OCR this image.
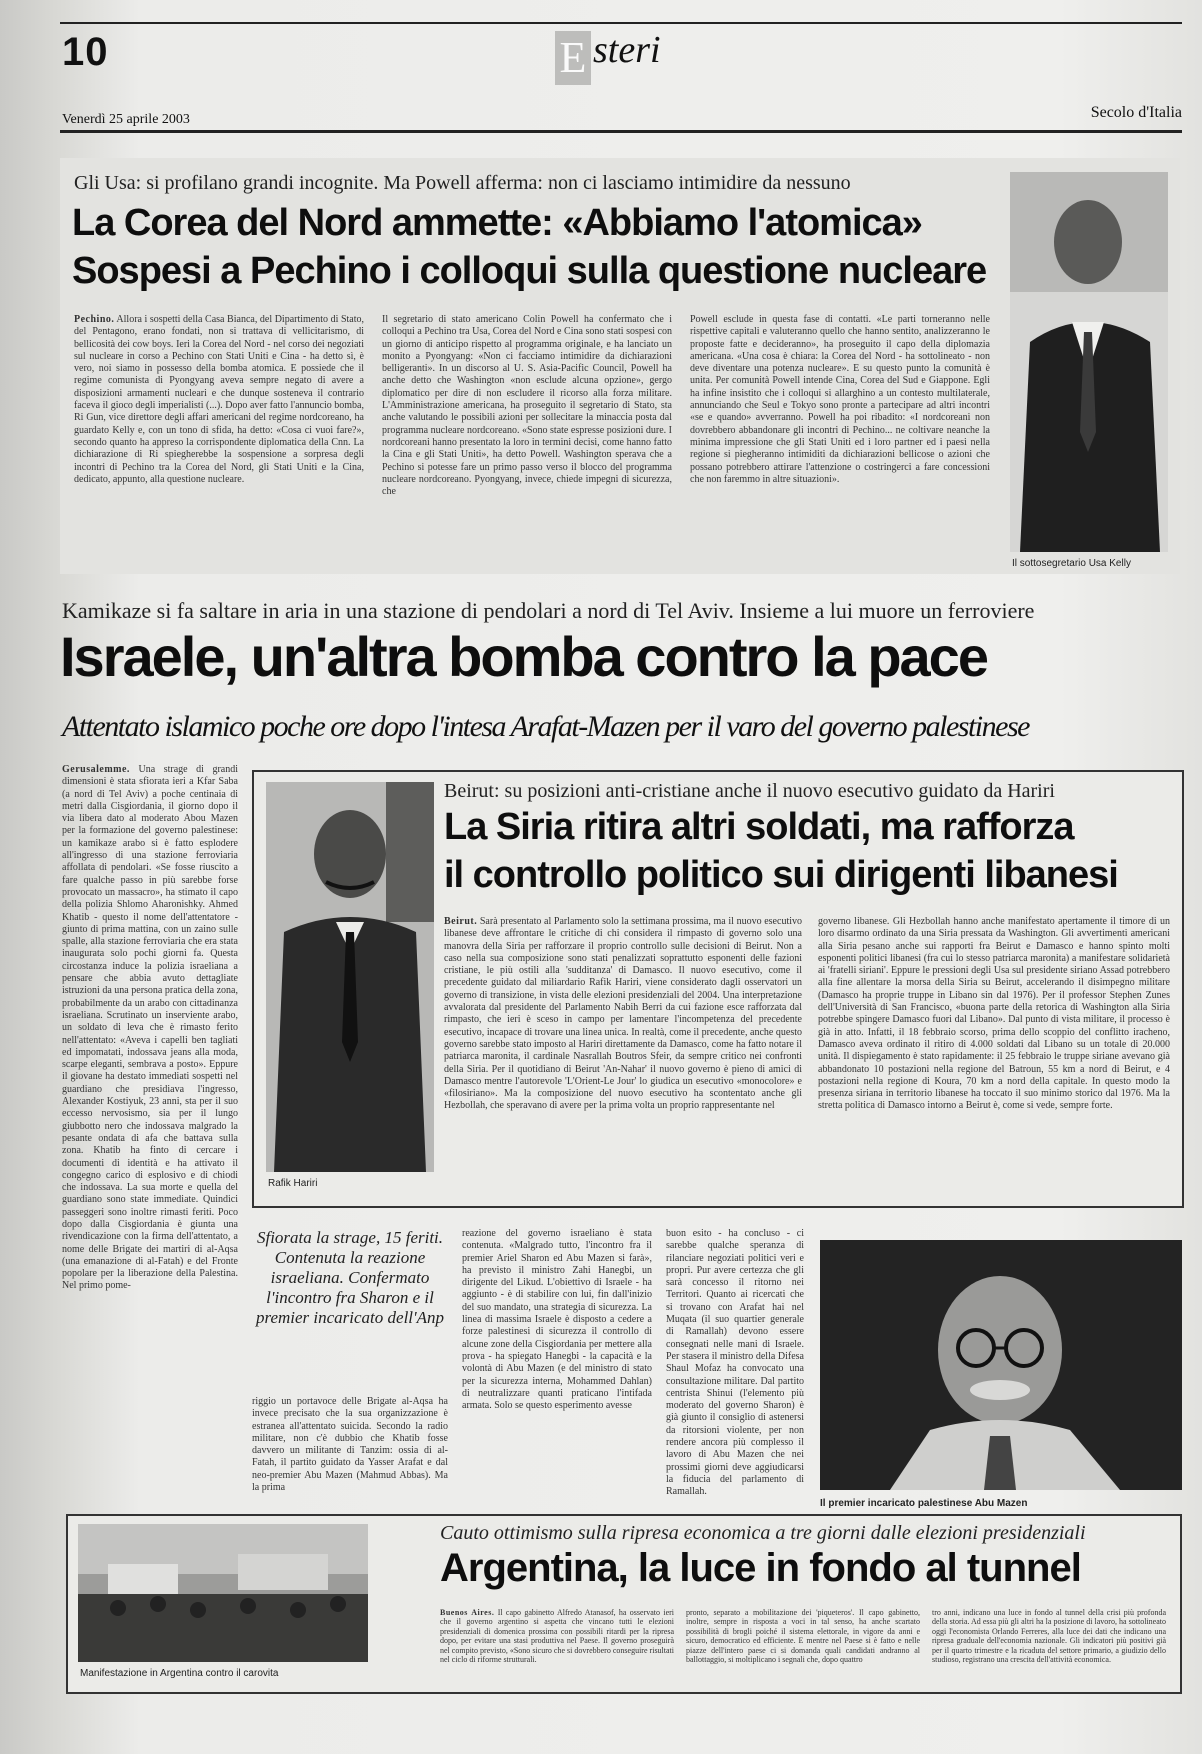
10	E steri
Venerdì 25 aprile 2003	Secolo d'Italia
Gli Usa: si profilano grandi incognite. Ma Powell afferma: non ci lasciamo intimidire da nessuno
La Corea del Nord ammette: «Abbiamo l'atomica»
Sospesi a Pechino i colloqui sulla questione nucleare
Pechino. Allora i sospetti della Casa Bianca, del Dipartimento di Stato, del Pentagono, erano fondati, non si trattava di vellicitarismo, di bellicosità dei cow boys. Ieri la Corea del Nord - nel corso dei negoziati sul nucleare in corso a Pechino con Stati Uniti e Cina - ha detto sì, è vero, noi siamo in possesso della bomba atomica. E possiede che il regime comunista di Pyongyang aveva sempre negato di avere a disposizioni armamenti nucleari e che dunque sosteneva il contrario faceva il gioco degli imperialisti (...). Dopo aver fatto l'annuncio bomba, Ri Gun, vice direttore degli affari americani del regime nordcoreano, ha guardato Kelly e, con un tono di sfida, ha detto: «Cosa ci vuoi fare?», secondo quanto ha appreso la corrispondente diplomatica della Cnn. La dichiarazione di Ri spiegherebbe la sospensione a sorpresa degli incontri di Pechino tra la Corea del Nord, gli Stati Uniti e la Cina, dedicato, appunto, alla questione nucleare.
Il segretario di stato americano Colin Powell ha confermato che i colloqui a Pechino tra Usa, Corea del Nord e Cina sono stati sospesi con un giorno di anticipo rispetto al programma originale, e ha lanciato un monito a Pyongyang: «Non ci facciamo intimidire da dichiarazioni belligeranti». In un discorso al U. S. Asia-Pacific Council, Powell ha anche detto che Washington «non esclude alcuna opzione», gergo diplomatico per dire di non escludere il ricorso alla forza militare. L'Amministrazione americana, ha proseguito il segretario di Stato, sta anche valutando le possibili azioni per sollecitare la minaccia posta dal programma nucleare nordcoreano. «Sono state espresse posizioni dure. I nordcoreani hanno presentato la loro in termini decisi, come hanno fatto la Cina e gli Stati Uniti», ha detto Powell. Washington sperava che a Pechino si potesse fare un primo passo verso il blocco del programma nucleare nordcoreano. Pyongyang, invece, chiede impegni di sicurezza, che
Powell esclude in questa fase di contatti. «Le parti torneranno nelle rispettive capitali e valuteranno quello che hanno sentito, analizzeranno le proposte fatte e decideranno», ha proseguito il capo della diplomazia americana. «Una cosa è chiara: la Corea del Nord - ha sottolineato - non deve diventare una potenza nucleare». E su questo punto la comunità è unita. Per comunità Powell intende Cina, Corea del Sud e Giappone. Egli ha infine insistito che i colloqui si allarghino a un contesto multilaterale, annunciando che Seul e Tokyo sono pronte a partecipare ad altri incontri «se e quando» avverranno. Powell ha poi ribadito: «I nordcoreani non dovrebbero abbandonare gli incontri di Pechino... ne coltivare neanche la minima impressione che gli Stati Uniti ed i loro partner ed i paesi nella regione si piegheranno intimiditi da dichiarazioni bellicose o azioni che possano potrebbero attirare l'attenzione o costringerci a fare concessioni che non faremmo in altre situazioni».
Il sottosegretario Usa Kelly
Kamikaze si fa saltare in aria in una stazione di pendolari a nord di Tel Aviv. Insieme a lui muore un ferroviere
Israele, un'altra bomba contro la pace
Attentato islamico poche ore dopo l'intesa Arafat-Mazen per il varo del governo palestinese
Gerusalemme. Una strage di grandi dimensioni è stata sfiorata ieri a Kfar Saba (a nord di Tel Aviv) a poche centinaia di metri dalla Cisgiordania, il giorno dopo il via libera dato al moderato Abou Mazen per la formazione del governo palestinese: un kamikaze arabo si è fatto esplodere all'ingresso di una stazione ferroviaria affollata di pendolari. «Se fosse riuscito a fare qualche passo in più sarebbe forse provocato un massacro», ha stimato il capo della polizia Shlomo Aharonishky. Ahmed Khatib - questo il nome dell'attentatore - giunto di prima mattina, con un zaino sulle spalle, alla stazione ferroviaria che era stata inaugurata solo pochi giorni fa. Questa circostanza induce la polizia israeliana a pensare che abbia avuto dettagliate istruzioni da una persona pratica della zona, probabilmente da un arabo con cittadinanza israeliana. Scrutinato un inserviente arabo, un soldato di leva che è rimasto ferito nell'attentato: «Aveva i capelli ben tagliati ed impomatati, indossava jeans alla moda, scarpe eleganti, sembrava a posto». Eppure il giovane ha destato immediati sospetti nel guardiano che presidiava l'ingresso, Alexander Kostiyuk, 23 anni, sta per il suo eccesso nervosismo, sia per il lungo giubbotto nero che indossava malgrado la pesante ondata di afa che battava sulla zona. Khatib ha finto di cercare i documenti di identità e ha attivato il congegno carico di esplosivo e di chiodi che indossava. La sua morte e quella del guardiano sono state immediate. Quindici passeggeri sono inoltre rimasti feriti. Poco dopo dalla Cisgiordania è giunta una rivendicazione con la firma dell'attentato, a nome delle Brigate dei martiri di al-Aqsa (una emanazione di al-Fatah) e del Fronte popolare per la liberazione della Palestina. Nel primo pome-
Sfiorata la strage, 15 feriti. Contenuta la reazione israeliana. Confermato l'incontro fra Sharon e il premier incaricato dell'Anp
riggio un portavoce delle Brigate al-Aqsa ha invece precisato che la sua organizzazione è estranea all'attentato suicida. Secondo la radio militare, non c'è dubbio che Khatib fosse davvero un militante di Tanzim: ossia di al-Fatah, il partito guidato da Yasser Arafat e dal neo-premier Abu Mazen (Mahmud Abbas). Ma la prima
reazione del governo israeliano è stata contenuta. «Malgrado tutto, l'incontro fra il premier Ariel Sharon ed Abu Mazen si farà», ha previsto il ministro Zahi Hanegbi, un dirigente del Likud. L'obiettivo di Israele - ha aggiunto - è di stabilire con lui, fin dall'inizio del suo mandato, una strategia di sicurezza. La linea di massima Israele è disposto a cedere a forze palestinesi di sicurezza il controllo di alcune zone della Cisgiordania per mettere alla prova - ha spiegato Hanegbi - la capacità e la volontà di Abu Mazen (e del ministro di stato per la sicurezza interna, Mohammed Dahlan) di neutralizzare quanti praticano l'intifada armata. Solo se questo esperimento avesse
buon esito - ha concluso - ci sarebbe qualche speranza di rilanciare negoziati politici veri e propri. Pur avere certezza che gli sarà concesso il ritorno nei Territori. Quanto ai ricercati che si trovano con Arafat hai nel Muqata (il suo quartier generale di Ramallah) devono essere consegnati nelle mani di Israele. Per stasera il ministro della Difesa Shaul Mofaz ha convocato una consultazione militare. Dal partito centrista Shinui (l'elemento più moderato del governo Sharon) è già giunto il consiglio di astenersi da ritorsioni violente, per non rendere ancora più complesso il lavoro di Abu Mazen che nei prossimi giorni deve aggiudicarsi la fiducia del parlamento di Ramallah.
Il premier incaricato palestinese Abu Mazen
Rafik Hariri
Beirut: su posizioni anti-cristiane anche il nuovo esecutivo guidato da Hariri
La Siria ritira altri soldati, ma rafforza
il controllo politico sui dirigenti libanesi
Beirut. Sarà presentato al Parlamento solo la settimana prossima, ma il nuovo esecutivo libanese deve affrontare le critiche di chi considera il rimpasto di governo solo una manovra della Siria per rafforzare il proprio controllo sulle decisioni di Beirut. Non a caso nella sua composizione sono stati penalizzati soprattutto esponenti delle fazioni cristiane, le più ostili alla 'sudditanza' di Damasco. Il nuovo esecutivo, come il precedente guidato dal miliardario Rafik Hariri, viene considerato dagli osservatori un governo di transizione, in vista delle elezioni presidenziali del 2004. Una interpretazione avvalorata dal presidente del Parlamento Nabih Berri da cui fazione esce rafforzata dal rimpasto, che ieri è sceso in campo per lamentare l'incompetenza del precedente esecutivo, incapace di trovare una linea unica. In realtà, come il precedente, anche questo governo sarebbe stato imposto al Hariri direttamente da Damasco, come ha fatto notare il patriarca maronita, il cardinale Nasrallah Boutros Sfeir, da sempre critico nei confronti della Siria. Per il quotidiano di Beirut 'An-Nahar' il nuovo governo è pieno di amici di Damasco mentre l'autorevole 'L'Orient-Le Jour' lo giudica un esecutivo «monocolore» e «filosiriano». Ma la composizione del nuovo esecutivo ha scontentato anche gli Hezbollah, che speravano di avere per la prima volta un proprio rappresentante nel
governo libanese. Gli Hezbollah hanno anche manifestato apertamente il timore di un loro disarmo ordinato da una Siria pressata da Washington. Gli avvertimenti americani alla Siria pesano anche sui rapporti fra Beirut e Damasco e hanno spinto molti esponenti politici libanesi (fra cui lo stesso patriarca maronita) a manifestare solidarietà ai 'fratelli siriani'. Eppure le pressioni degli Usa sul presidente siriano Assad potrebbero alla fine allentare la morsa della Siria su Beirut, accelerando il disimpegno militare (Damasco ha proprie truppe in Libano sin dal 1976). Per il professor Stephen Zunes dell'Università di San Francisco, «buona parte della retorica di Washington alla Siria potrebbe spingere Damasco fuori dal Libano». Dal punto di vista militare, il processo è già in atto. Infatti, il 18 febbraio scorso, prima dello scoppio del conflitto iracheno, Damasco aveva ordinato il ritiro di 4.000 soldati dal Libano su un totale di 20.000 unità. Il dispiegamento è stato rapidamente: il 25 febbraio le truppe siriane avevano già abbandonato 10 postazioni nella regione del Batroun, 55 km a nord di Beirut, e 4 postazioni nella regione di Koura, 70 km a nord della capitale. In questo modo la presenza siriana in territorio libanese ha toccato il suo minimo storico dal 1976. Ma la stretta politica di Damasco intorno a Beirut è, come si vede, sempre forte.
Manifestazione in Argentina contro il carovita
Cauto ottimismo sulla ripresa economica a tre giorni dalle elezioni presidenziali
Argentina, la luce in fondo al tunnel
Buenos Aires. Il capo gabinetto Alfredo Atanasof, ha osservato ieri che il governo argentino si aspetta che vincano tutti le elezioni presidenziali di domenica prossima con possibili ritardi per la ripresa dopo, per evitare una stasi produttiva nel Paese. Il governo proseguirà nel compito previsto, «Sono sicuro che si dovrebbero conseguire risultati nel ciclo di riforme strutturali.
pronto, separato a mobilitazione dei 'piqueteros'. Il capo gabinetto, inoltre, sempre in risposta a voci in tal senso, ha anche scartato possibilità di brogli poiché il sistema elettorale, in vigore da anni e sicuro, democratico ed efficiente. E mentre nel Paese si è fatto e nelle piazze dell'intero paese ci si domanda quali candidati andranno al ballottaggio, si moltiplicano i segnali che, dopo quattro
tro anni, indicano una luce in fondo al tunnel della crisi più profonda della storia. Ad essa più gli altri ha la posizione di lavoro, ha sottolineato oggi l'economista Orlando Ferreres, alla luce dei dati che indicano una ripresa graduale dell'economia nazionale. Gli indicatori più positivi già per il quarto trimestre e la ricaduta del settore primario, a giudizio dello studioso, registrano una crescita dell'attività economica.
